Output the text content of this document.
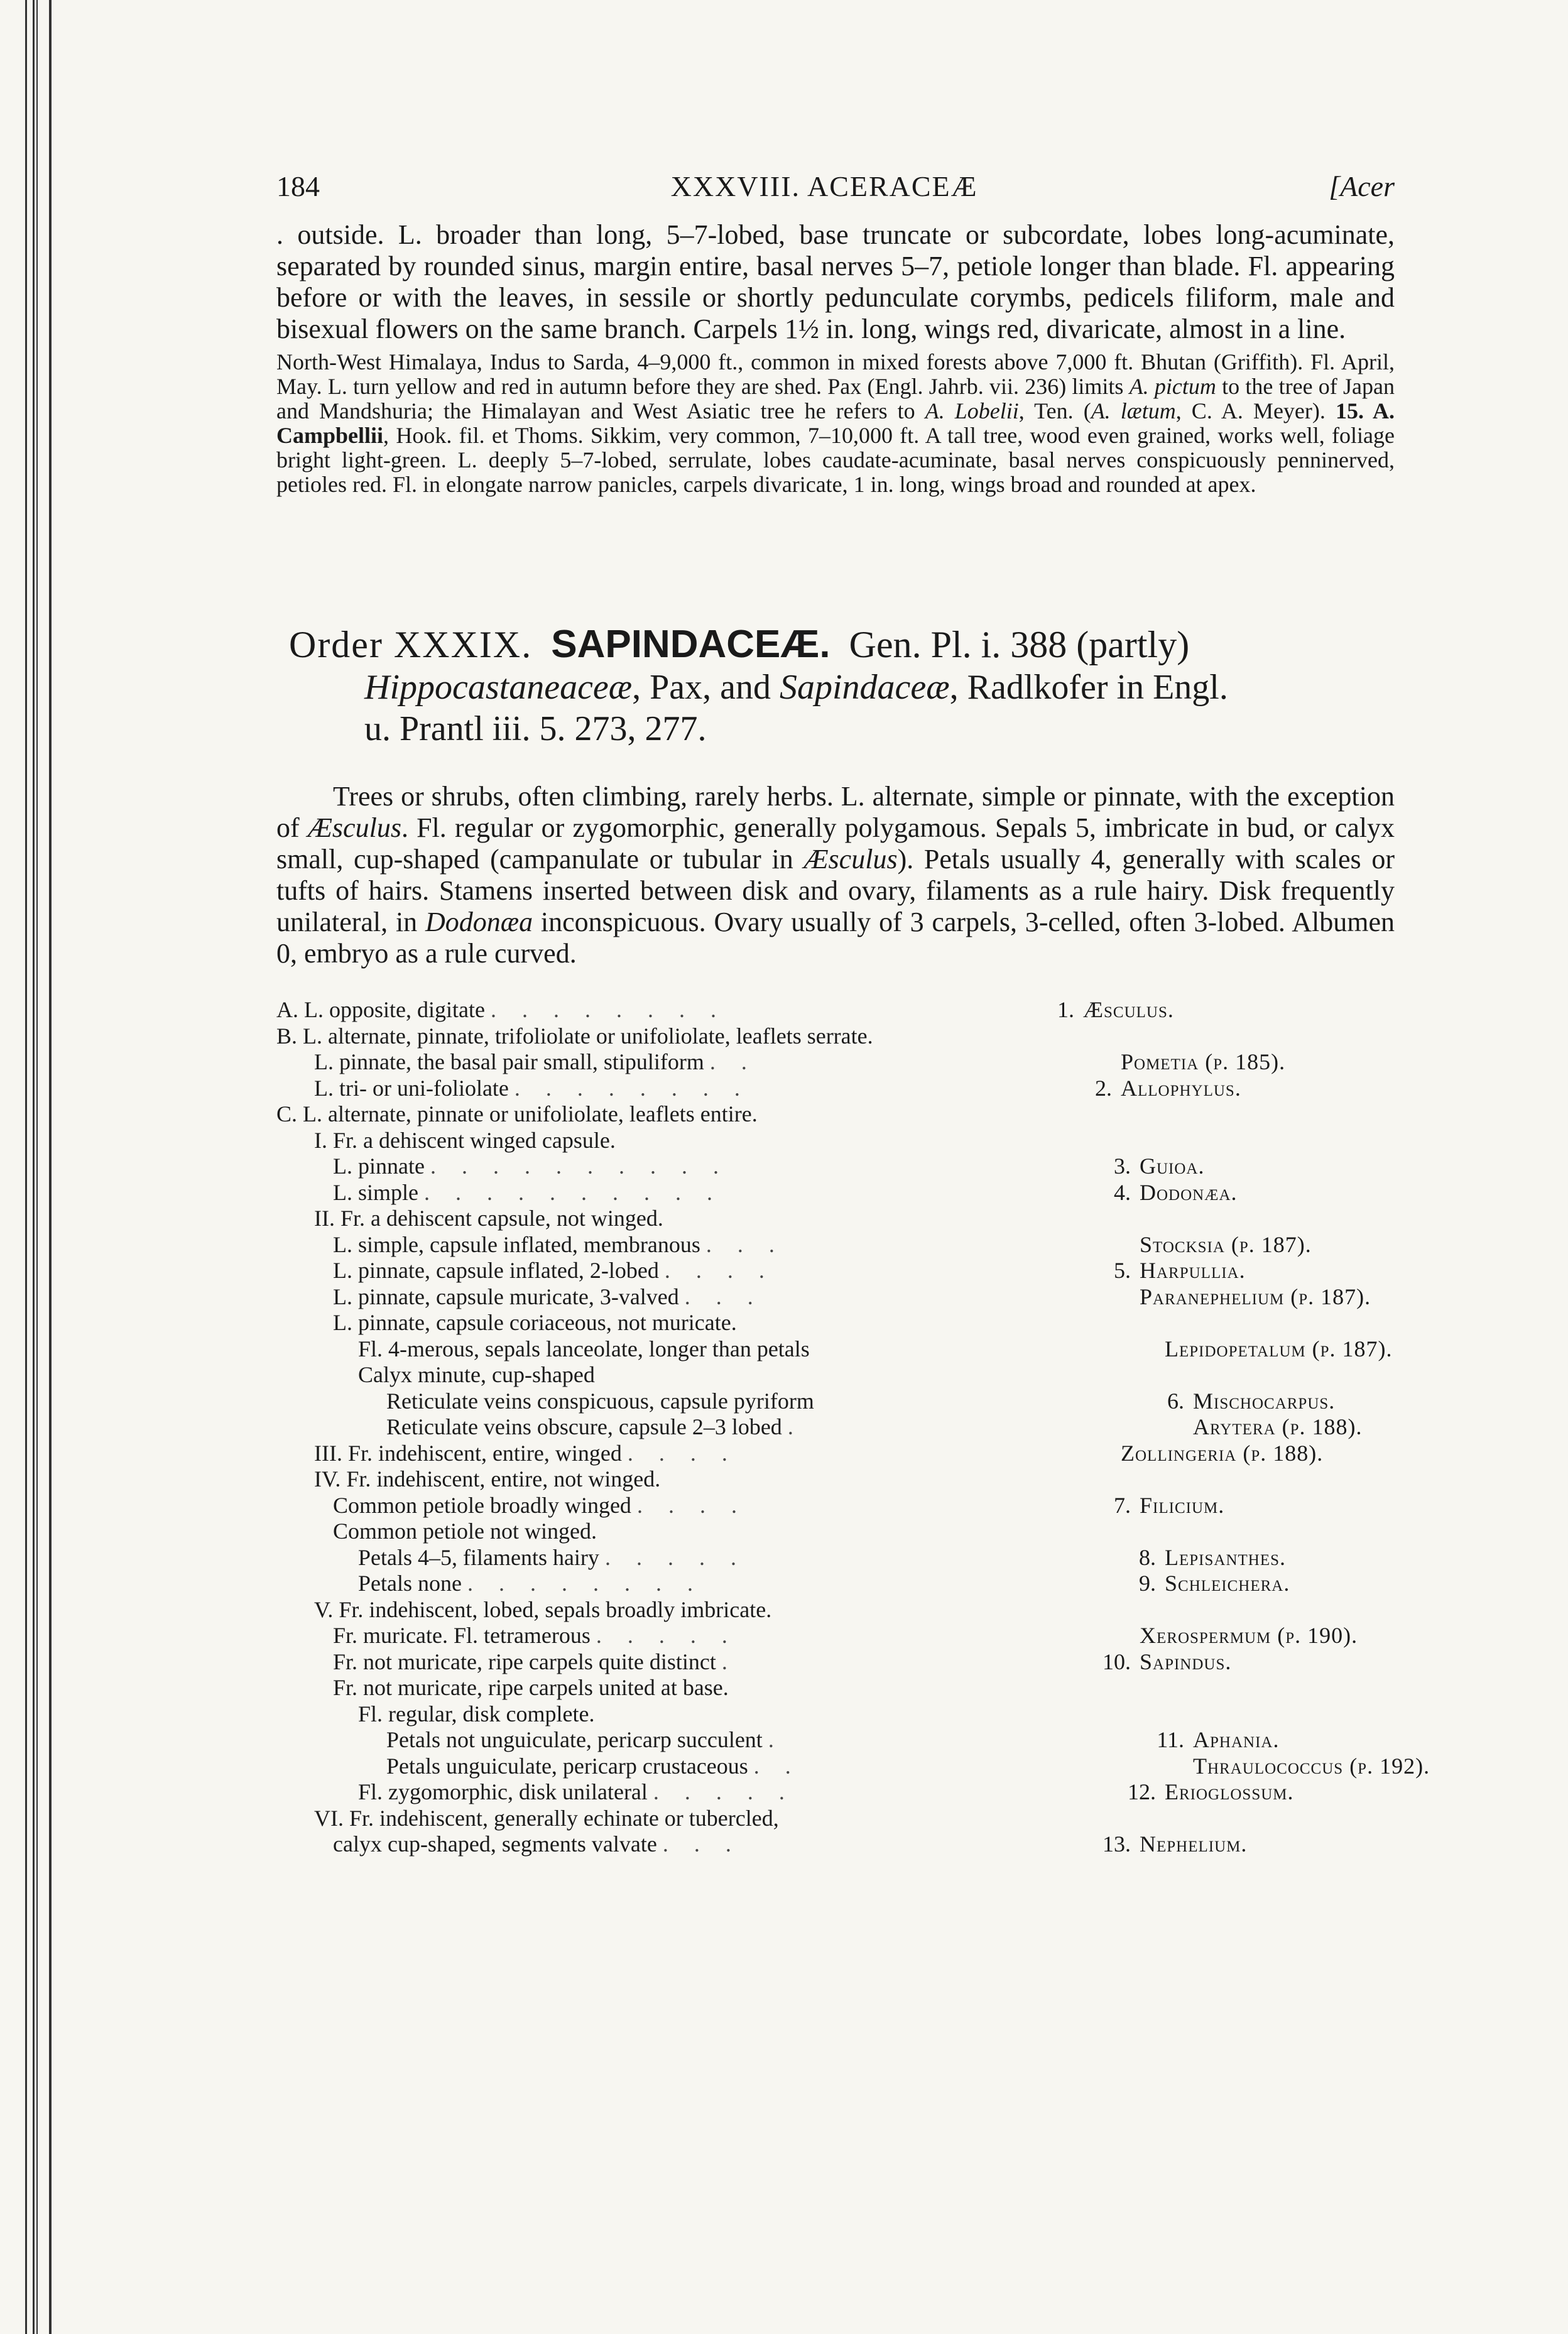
184	XXXVIII. ACERACEÆ	[Acer

. outside. L. broader than long, 5–7-lobed, base truncate or subcordate, lobes long-acuminate, separated by rounded sinus, margin entire, basal nerves 5–7, petiole longer than blade. Fl. appearing before or with the leaves, in sessile or shortly pedunculate corymbs, pedicels filiform, male and bisexual flowers on the same branch. Carpels 1½ in. long, wings red, divaricate, almost in a line.

North-West Himalaya, Indus to Sarda, 4–9,000 ft., common in mixed forests above 7,000 ft. Bhutan (Griffith). Fl. April, May. L. turn yellow and red in autumn before they are shed. Pax (Engl. Jahrb. vii. 236) limits A. pictum to the tree of Japan and Mandshuria; the Himalayan and West Asiatic tree he refers to A. Lobelii, Ten. (A. lætum, C. A. Meyer). 15. A. Campbellii, Hook. fil. et Thoms. Sikkim, very common, 7–10,000 ft. A tall tree, wood even grained, works well, foliage bright light-green. L. deeply 5–7-lobed, serrulate, lobes caudate-acuminate, basal nerves conspicuously penninerved, petioles red. Fl. in elongate narrow panicles, carpels divaricate, 1 in. long, wings broad and rounded at apex.

Order XXXIX. SAPINDACEÆ. Gen. Pl. i. 388 (partly)
Hippocastaneaceæ, Pax, and Sapindaceæ, Radlkofer in Engl.
u. Prantl iii. 5. 273, 277.

Trees or shrubs, often climbing, rarely herbs. L. alternate, simple or pinnate, with the exception of Æsculus. Fl. regular or zygomorphic, generally polygamous. Sepals 5, imbricate in bud, or calyx small, cup-shaped (campanulate or tubular in Æsculus). Petals usually 4, generally with scales or tufts of hairs. Stamens inserted between disk and ovary, filaments as a rule hairy. Disk frequently unilateral, in Dodonæa inconspicuous. Ovary usually of 3 carpels, 3-celled, often 3-lobed. Albumen 0, embryo as a rule curved.

A. L. opposite, digitate . . . . . . . .	1. Æsculus.
B. L. alternate, pinnate, trifoliolate or unifoliolate, leaflets serrate.
L. pinnate, the basal pair small, stipuliform . .	Pometia (p. 185).
L. tri- or uni-foliolate . . . . . . . .	2. Allophylus.
C. L. alternate, pinnate or unifoliolate, leaflets entire.
I. Fr. a dehiscent winged capsule.
L. pinnate . . . . . . . . . .	3. Guioa.
L. simple . . . . . . . . . .	4. Dodonæa.
II. Fr. a dehiscent capsule, not winged.
L. simple, capsule inflated, membranous . . .	Stocksia (p. 187).
L. pinnate, capsule inflated, 2-lobed . . . .	5. Harpullia.
L. pinnate, capsule muricate, 3-valved . . .	Paranephelium (p. 187).
L. pinnate, capsule coriaceous, not muricate.
Fl. 4-merous, sepals lanceolate, longer than petals	Lepidopetalum (p. 187).
Calyx minute, cup-shaped
Reticulate veins conspicuous, capsule pyriform	6. Mischocarpus.
Reticulate veins obscure, capsule 2–3 lobed .	Arytera (p. 188).
III. Fr. indehiscent, entire, winged . . . .	Zollingeria (p. 188).
IV. Fr. indehiscent, entire, not winged.
Common petiole broadly winged . . . .	7. Filicium.
Common petiole not winged.
Petals 4–5, filaments hairy . . . . .	8. Lepisanthes.
Petals none . . . . . . . .	9. Schleichera.
V. Fr. indehiscent, lobed, sepals broadly imbricate.
Fr. muricate. Fl. tetramerous . . . . .	Xerospermum (p. 190).
Fr. not muricate, ripe carpels quite distinct .	10. Sapindus.
Fr. not muricate, ripe carpels united at base.
Fl. regular, disk complete.
Petals not unguiculate, pericarp succulent .	11. Aphania.
Petals unguiculate, pericarp crustaceous . .	Thraulococcus (p. 192).
Fl. zygomorphic, disk unilateral . . . . .	12. Erioglossum.
VI. Fr. indehiscent, generally echinate or tubercled,
calyx cup-shaped, segments valvate . . .	13. Nephelium.
